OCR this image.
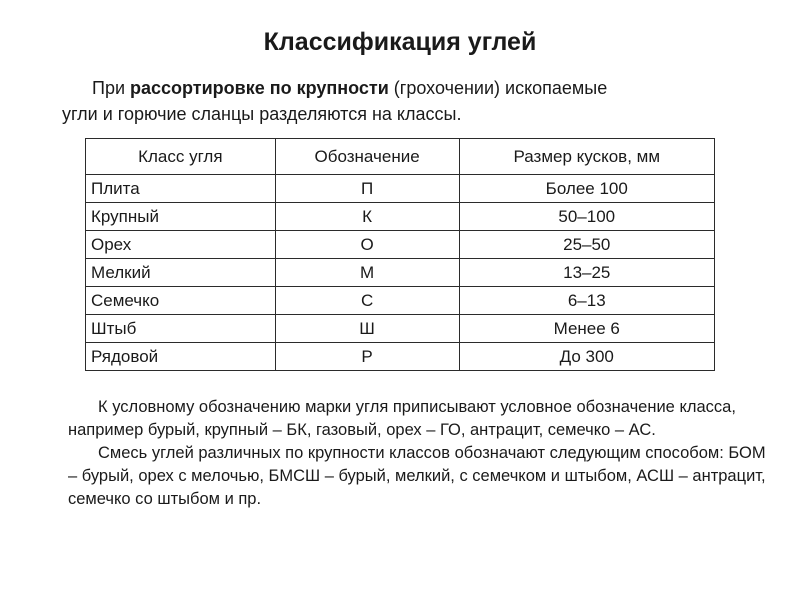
Классификация углей
При рассортировке по крупности (грохочении) ископаемые
угли и горючие сланцы разделяются на классы.
Класс угля	Обозначение	Размер кусков, мм
Плита	П	Более 100
Крупный	К	50–100
Орех	О	25–50
Мелкий	М	13–25
Семечко	С	6–13
Штыб	Ш	Менее 6
Рядовой	Р	До 300

К условному обозначению марки угля приписывают условное обозначение класса, например бурый, крупный – БК, газовый, орех – ГО, антрацит, семечко – АС.

Смесь углей различных по крупности классов обозначают следующим способом: БОМ – бурый, орех с мелочью, БМСШ – бурый, мелкий, с семечком и штыбом, АСШ – антрацит, семечко со штыбом и пр.
